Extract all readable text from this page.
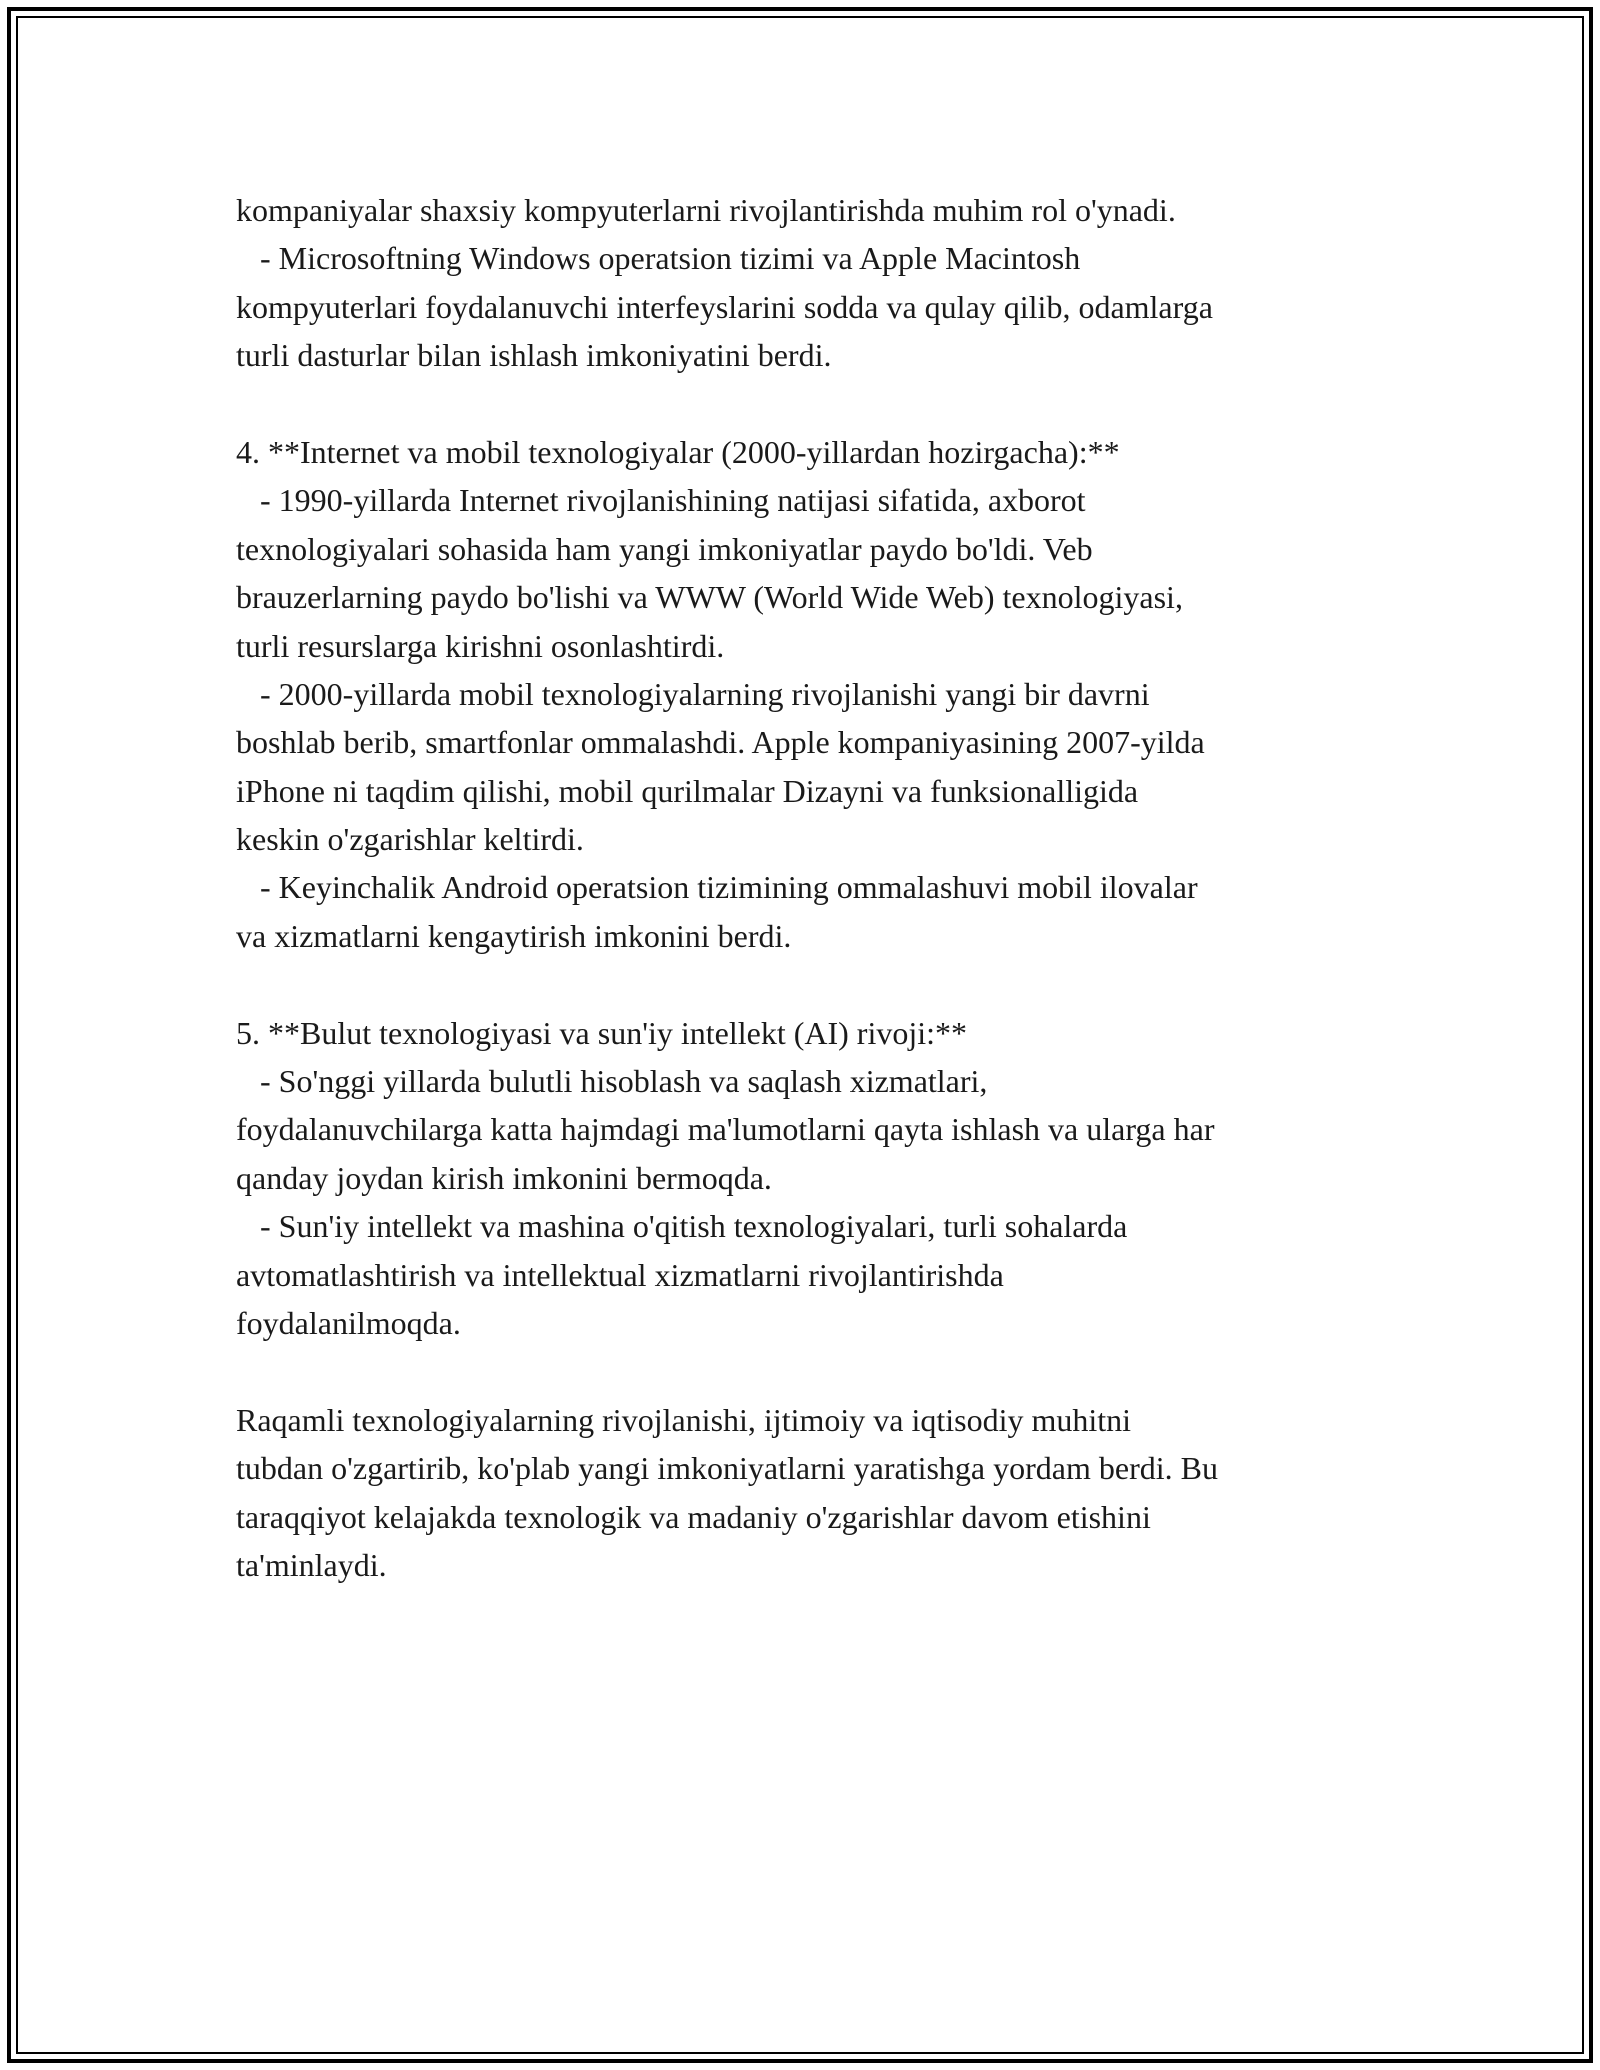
kompaniyalar shaxsiy kompyuterlarni rivojlantirishda muhim rol o'ynadi.
- Microsoftning Windows operatsion tizimi va Apple Macintosh
kompyuterlari foydalanuvchi interfeyslarini sodda va qulay qilib, odamlarga
turli dasturlar bilan ishlash imkoniyatini berdi.
4. **Internet va mobil texnologiyalar (2000-yillardan hozirgacha):**
- 1990-yillarda Internet rivojlanishining natijasi sifatida, axborot
texnologiyalari sohasida ham yangi imkoniyatlar paydo bo'ldi. Veb
brauzerlarning paydo bo'lishi va WWW (World Wide Web) texnologiyasi,
turli resurslarga kirishni osonlashtirdi.
- 2000-yillarda mobil texnologiyalarning rivojlanishi yangi bir davrni
boshlab berib, smartfonlar ommalashdi. Apple kompaniyasining 2007-yilda
iPhone ni taqdim qilishi, mobil qurilmalar Dizayni va funksionalligida
keskin o'zgarishlar keltirdi.
- Keyinchalik Android operatsion tizimining ommalashuvi mobil ilovalar
va xizmatlarni kengaytirish imkonini berdi.
5. **Bulut texnologiyasi va sun'iy intellekt (AI) rivoji:**
- So'nggi yillarda bulutli hisoblash va saqlash xizmatlari,
foydalanuvchilarga katta hajmdagi ma'lumotlarni qayta ishlash va ularga har
qanday joydan kirish imkonini bermoqda.
- Sun'iy intellekt va mashina o'qitish texnologiyalari, turli sohalarda
avtomatlashtirish va intellektual xizmatlarni rivojlantirishda
foydalanilmoqda.
Raqamli texnologiyalarning rivojlanishi, ijtimoiy va iqtisodiy muhitni
tubdan o'zgartirib, ko'plab yangi imkoniyatlarni yaratishga yordam berdi. Bu
taraqqiyot kelajakda texnologik va madaniy o'zgarishlar davom etishini
ta'minlaydi.
